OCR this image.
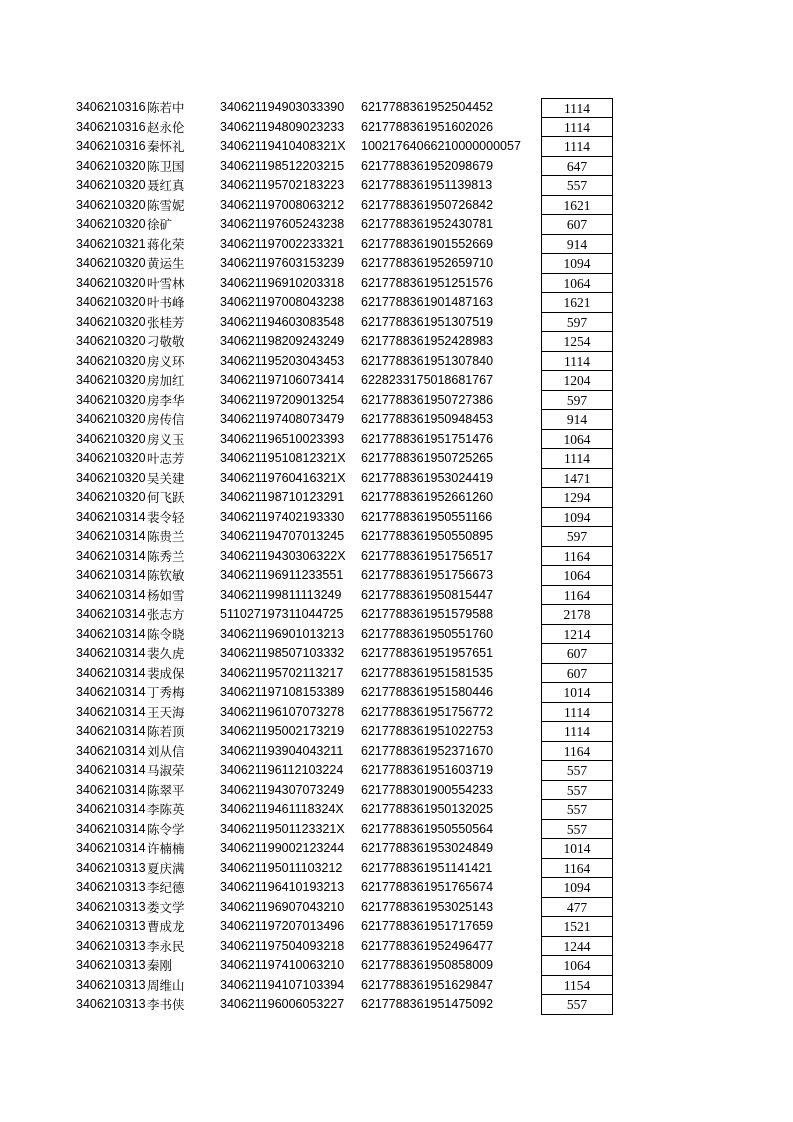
3406210316 陈若中	340621194903033390 6217788361952504452	1114
3406210316 赵永伦	340621194809023233 6217788361951602026	1114
3406210316 秦怀礼	34062119410408321X 10021764066210000000057	1114
3406210320 陈卫国	340621198512203215 6217788361952098679	647
3406210320 聂红真	340621195702183223 6217788361951139813	557
3406210320 陈雪妮	340621197008063212 6217788361950726842	1621
3406210320 徐矿	340621197605243238 6217788361952430781	607
3406210321 蒋化荣	340621197002233321 6217788361901552669	914
3406210320 黄运生	340621197603153239 6217788361952659710	1094
3406210320 叶雪林	340621196910203318 6217788361951251576	1064
3406210320 叶书峰	340621197008043238 6217788361901487163	1621
3406210320 张桂芳	340621194603083548 6217788361951307519	597
3406210320 刁敬敬	340621198209243249 6217788361952428983	1254
3406210320 房义环	340621195203043453 6217788361951307840	1114
3406210320 房加红	340621197106073414 6228233175018681767	1204
3406210320 房李华	340621197209013254 6217788361950727386	597
3406210320 房传信	340621197408073479 6217788361950948453	914
3406210320 房义玉	340621196510023393 6217788361951751476	1064
3406210320 叶志芳	34062119510812321X 6217788361950725265	1114
3406210320 吴关建	34062119760416321X 6217788361953024419	1471
3406210320 何飞跃	340621198710123291 6217788361952661260	1294
3406210314 裴令轻	340621197402193330 6217788361950551166	1094
3406210314 陈贵兰	340621194707013245 6217788361950550895	597
3406210314 陈秀兰	34062119430306322X 6217788361951756517	1164
3406210314 陈钦敏	340621196911233551 6217788361951756673	1064
3406210314 杨如雪	340621199811113249 6217788361950815447	1164
3406210314 张志方	511027197311044725 6217788361951579588	2178
3406210314 陈令晓	340621196901013213 6217788361950551760	1214
3406210314 裴久虎	340621198507103332 6217788361951957651	607
3406210314 裴成保	340621195702113217 6217788361951581535	607
3406210314 丁秀梅	340621197108153389 6217788361951580446	1014
3406210314 王天海	340621196107073278 6217788361951756772	1114
3406210314 陈若顶	340621195002173219 6217788361951022753	1114
3406210314 刘从信	340621193904043211 6217788361952371670	1164
3406210314 马淑荣	340621196112103224 6217788361951603719	557
3406210314 陈翠平	340621194307073249 6217788301900554233	557
3406210314 李陈英	34062119461118324X 6217788361950132025	557
3406210314 陈令学	34062119501123321X 6217788361950550564	557
3406210314 许楠楠	340621199002123244 6217788361953024849	1014
3406210313 夏庆满	340621195011103212 6217788361951141421	1164
3406210313 李纪德	340621196410193213 6217788361951765674	1094
3406210313 娄文学	340621196907043210 6217788361953025143	477
3406210313 曹成龙	340621197207013496 6217788361951717659	1521
3406210313 李永民	340621197504093218 6217788361952496477	1244
3406210313 秦刚	340621197410063210 6217788361950858009	1064
3406210313 周维山	340621194107103394 6217788361951629847	1154
3406210313 李书侠	340621196006053227 6217788361951475092	557
